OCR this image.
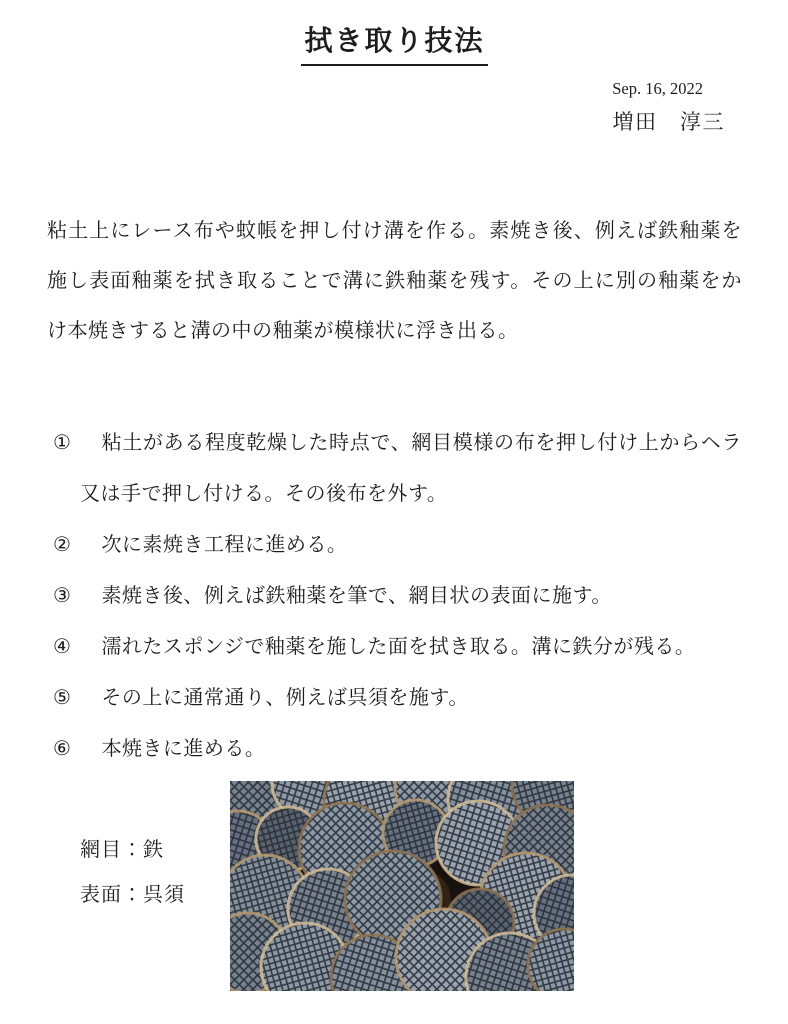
拭き取り技法
Sep. 16, 2022
増田　淳三

粘土上にレース布や蚊帳を押し付け溝を作る。素焼き後、例えば鉄釉薬を施し表面釉薬を拭き取ることで溝に鉄釉薬を残す。その上に別の釉薬をかけ本焼きすると溝の中の釉薬が模様状に浮き出る。

① 粘土がある程度乾燥した時点で、網目模様の布を押し付け上からヘラ又は手で押し付ける。その後布を外す。
② 次に素焼き工程に進める。
③ 素焼き後、例えば鉄釉薬を筆で、網目状の表面に施す。
④ 濡れたスポンジで釉薬を施した面を拭き取る。溝に鉄分が残る。
⑤ その上に通常通り、例えば呉須を施す。
⑥ 本焼きに進める。
網目：鉄
表面：呉須
